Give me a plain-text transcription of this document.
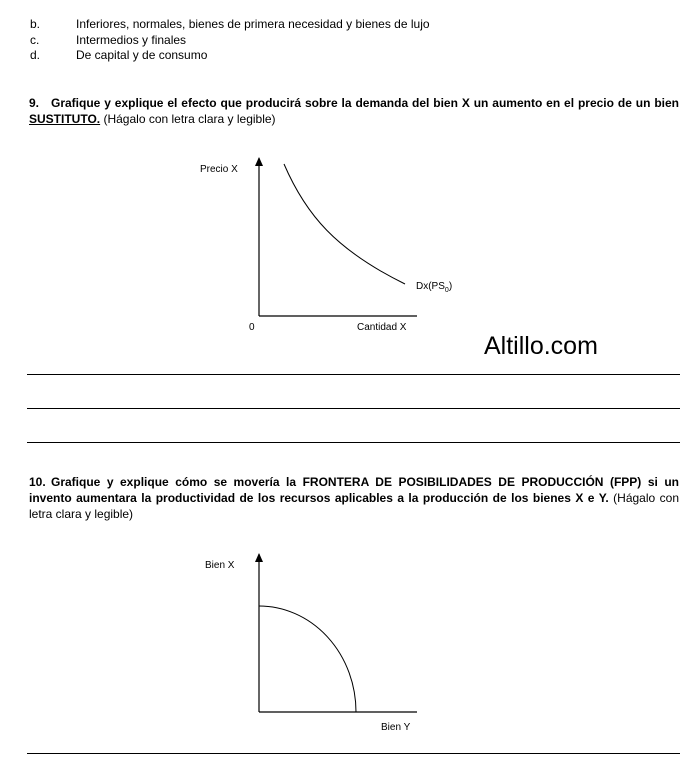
b.	Inferiores, normales, bienes de primera necesidad y bienes de lujo
c.	Intermedios y finales
d.	De capital y de consumo
9. Grafique y explique el efecto que producirá sobre la demanda del bien X un aumento en el precio de un bien SUSTITUTO. (Hágalo con letra clara y legible)
Precio X
0	Cantidad X
$Dx(PS_0)$
Altillo.com
10. Grafique y explique cómo se movería la FRONTERA DE POSIBILIDADES DE PRODUCCIÓN (FPP) si un invento aumentara la productividad de los recursos aplicables a la producción de los bienes X e Y. (Hágalo con letra clara y legible)
Bien X
Bien Y
